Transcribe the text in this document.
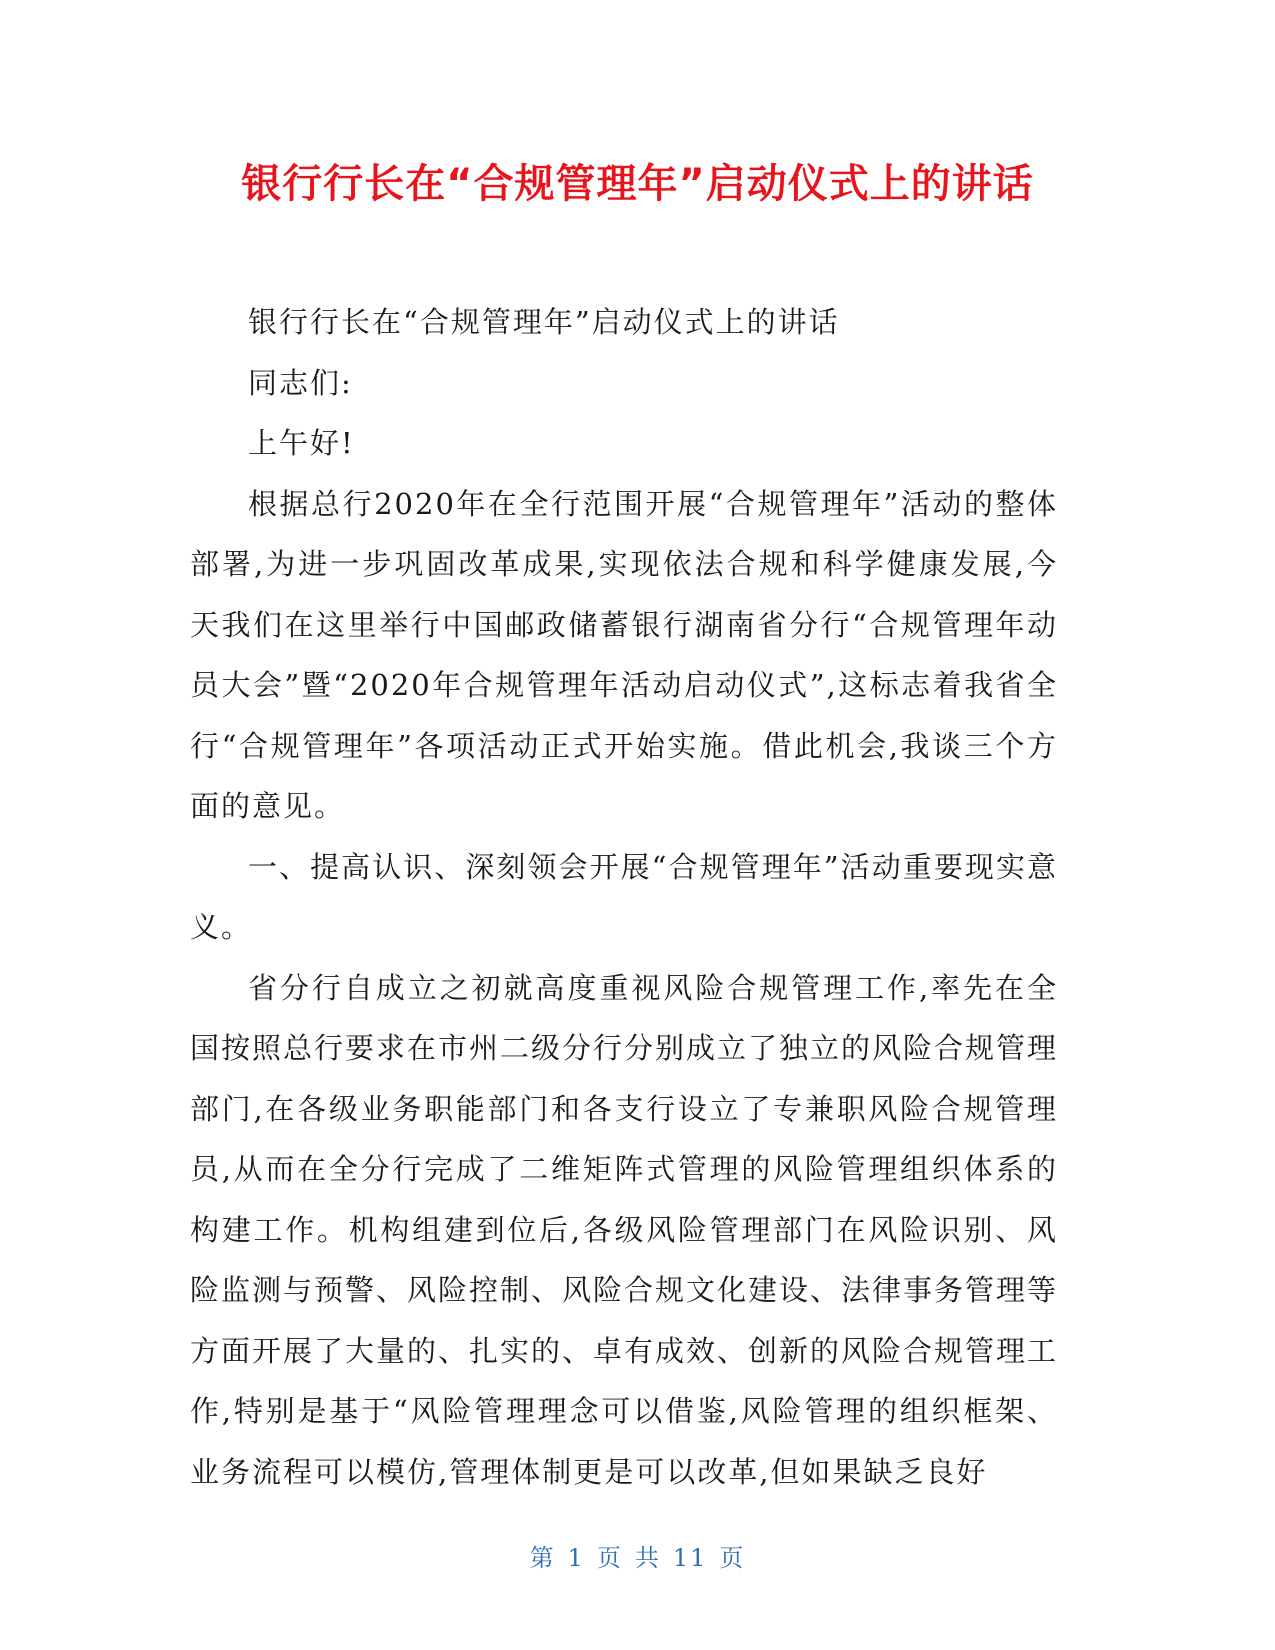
银行行长在“合规管理年”启动仪式上的讲话

银行行长在“合规管理年”启动仪式上的讲话

同志们:

上午好!

根据总行2020年在全行范围开展“合规管理年”活动的整体部署,为进一步巩固改革成果,实现依法合规和科学健康发展,今天我们在这里举行中国邮政储蓄银行湖南省分行“合规管理年动员大会”暨“2020年合规管理年活动启动仪式”,这标志着我省全行“合规管理年”各项活动正式开始实施。借此机会,我谈三个方面的意见。

一、提高认识、深刻领会开展“合规管理年”活动重要现实意义。

省分行自成立之初就高度重视风险合规管理工作,率先在全国按照总行要求在市州二级分行分别成立了独立的风险合规管理部门,在各级业务职能部门和各支行设立了专兼职风险合规管理员,从而在全分行完成了二维矩阵式管理的风险管理组织体系的构建工作。机构组建到位后,各级风险管理部门在风险识别、风险监测与预警、风险控制、风险合规文化建设、法律事务管理等方面开展了大量的、扎实的、卓有成效、创新的风险合规管理工作,特别是基于“风险管理理念可以借鉴,风险管理的组织框架、业务流程可以模仿,管理体制更是可以改革,但如果缺乏良好

第 1 页 共 11 页
